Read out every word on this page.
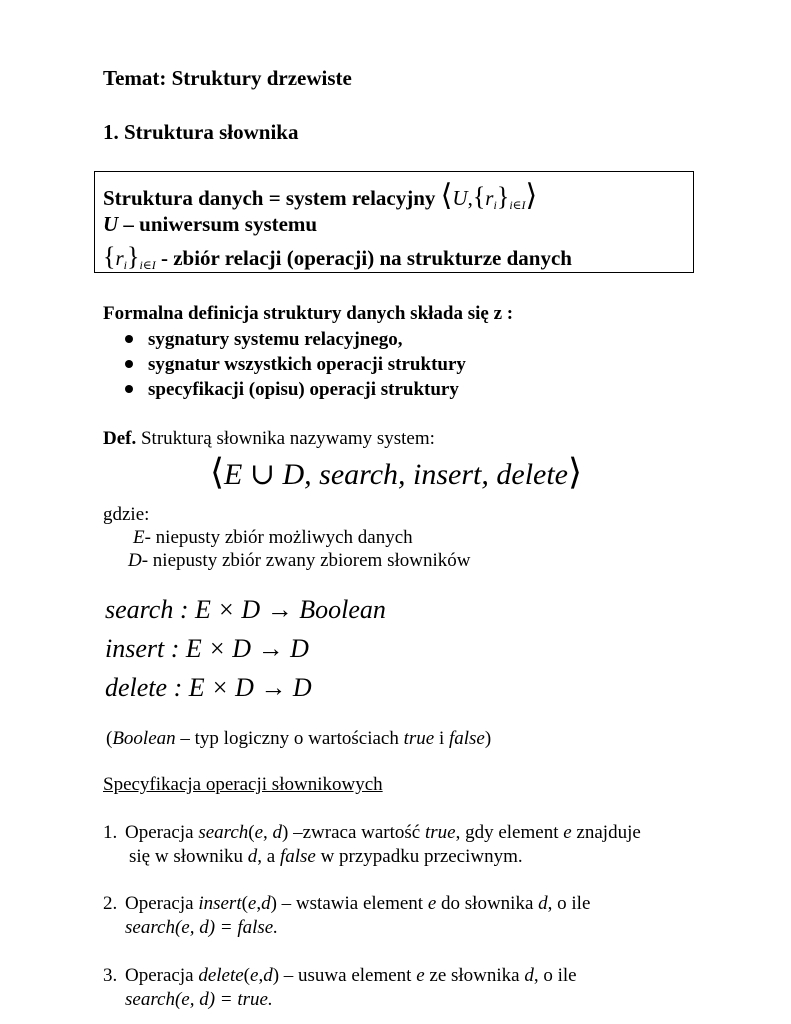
Temat: Struktury drzewiste
1. Struktura słownika
Struktura danych = system relacyjny $⟨U,\{r_i\}_{i\in I}⟩$
U – uniwersum systemu
$\{r_i\}_{i\in I}$ - zbiór relacji (operacji) na strukturze danych
Formalna definicja struktury danych składa się z :
sygnatury systemu relacyjnego,
sygnatur wszystkich operacji struktury
specyfikacji (opisu) operacji struktury
Def. Strukturą słownika nazywamy system:
⟨E ∪ D, search, insert, delete⟩
gdzie:
E- niepusty zbiór możliwych danych
D- niepusty zbiór zwany zbiorem słowników
search : E × D → Boolean
insert : E × D → D
delete : E × D → D
(Boolean – typ logiczny o wartościach true i false)
Specyfikacja operacji słownikowych
1. Operacja search(e, d) –zwraca wartość true, gdy element e znajduje
się w słowniku d, a false w przypadku przeciwnym.
2. Operacja insert(e,d) – wstawia element e do słownika d, o ile
search(e, d) = false.
3. Operacja delete(e,d) – usuwa element e ze słownika d, o ile
search(e, d) = true.
